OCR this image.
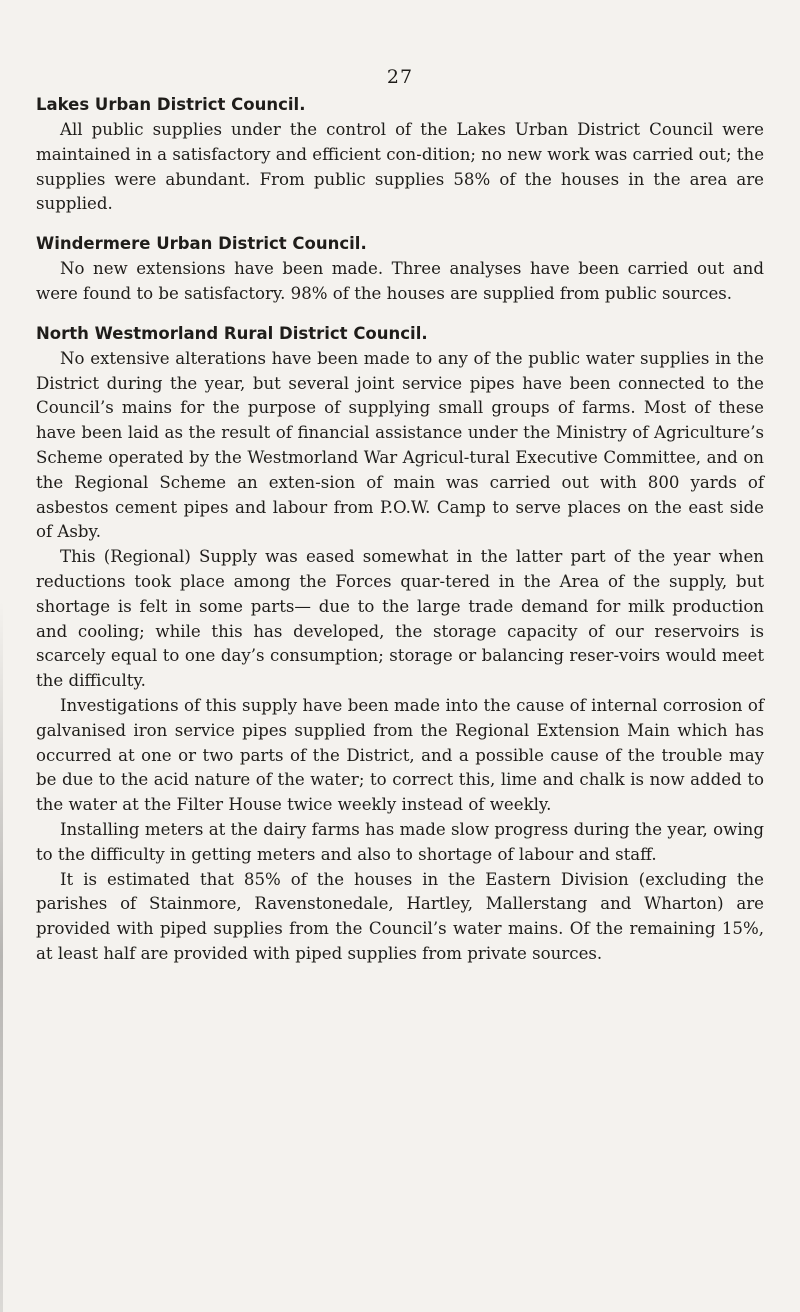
27
Lakes Urban District Council.

All public supplies under the control of the Lakes Urban District Council were maintained in a satisfactory and efficient con-dition; no new work was carried out; the supplies were abundant. From public supplies 58% of the houses in the area are supplied.

Windermere Urban District Council.

No new extensions have been made. Three analyses have been carried out and were found to be satisfactory. 98% of the houses are supplied from public sources.

North Westmorland Rural District Council.

No extensive alterations have been made to any of the public water supplies in the District during the year, but several joint service pipes have been connected to the Council’s mains for the purpose of supplying small groups of farms. Most of these have been laid as the result of financial assistance under the Ministry of Agriculture’s Scheme operated by the Westmorland War Agricul-tural Executive Committee, and on the Regional Scheme an exten-sion of main was carried out with 800 yards of asbestos cement pipes and labour from P.O.W. Camp to serve places on the east side of Asby.

This (Regional) Supply was eased somewhat in the latter part of the year when reductions took place among the Forces quar-tered in the Area of the supply, but shortage is felt in some parts— due to the large trade demand for milk production and cooling; while this has developed, the storage capacity of our reservoirs is scarcely equal to one day’s consumption; storage or balancing reser-voirs would meet the difficulty.

Investigations of this supply have been made into the cause of internal corrosion of galvanised iron service pipes supplied from the Regional Extension Main which has occurred at one or two parts of the District, and a possible cause of the trouble may be due to the acid nature of the water; to correct this, lime and chalk is now added to the water at the Filter House twice weekly instead of weekly.

Installing meters at the dairy farms has made slow progress during the year, owing to the difficulty in getting meters and also to shortage of labour and staff.

It is estimated that 85% of the houses in the Eastern Division (excluding the parishes of Stainmore, Ravenstonedale, Hartley, Mallerstang and Wharton) are provided with piped supplies from the Council’s water mains. Of the remaining 15%, at least half are provided with piped supplies from private sources.
